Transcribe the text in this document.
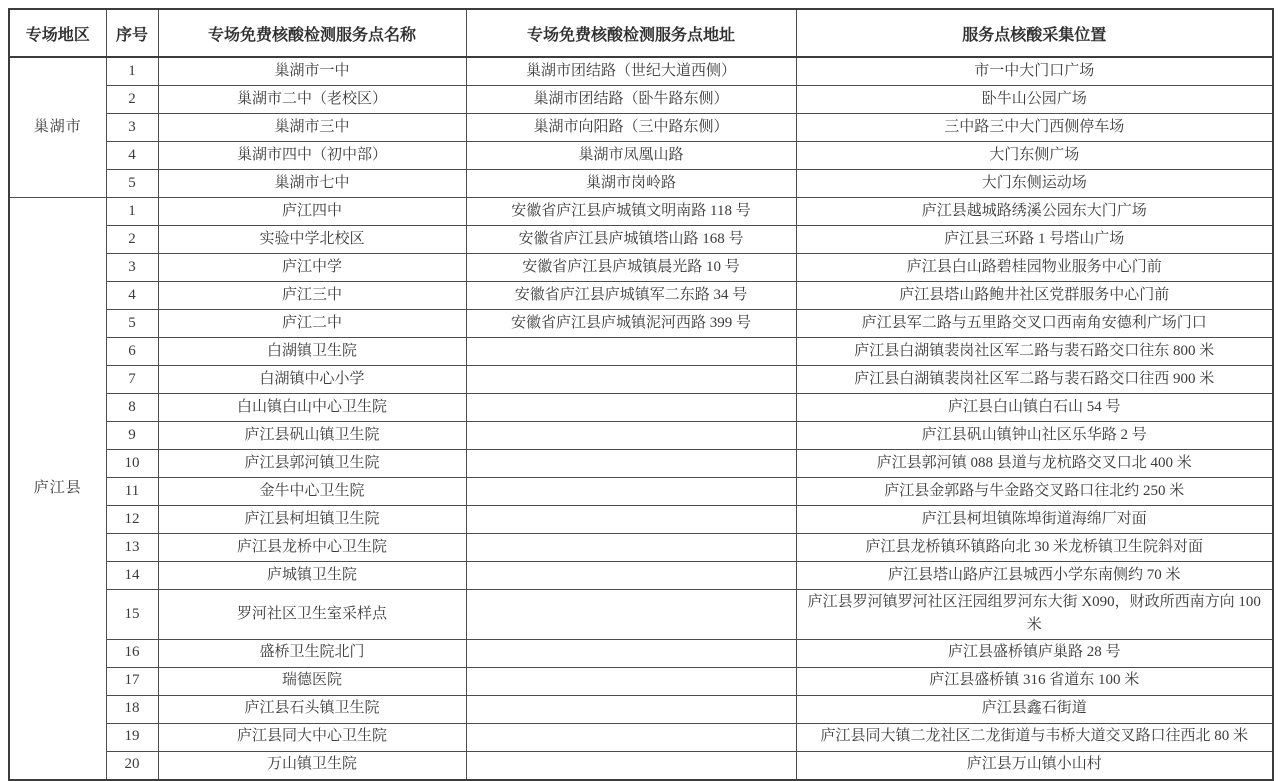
专场地区	序号	专场免费核酸检测服务点名称	专场免费核酸检测服务点地址	服务点核酸采集位置
巢湖市	1	巢湖市一中	巢湖市团结路（世纪大道西侧）	市一中大门口广场
	2	巢湖市二中（老校区）	巢湖市团结路（卧牛路东侧）	卧牛山公园广场
	3	巢湖市三中	巢湖市向阳路（三中路东侧）	三中路三中大门西侧停车场
	4	巢湖市四中（初中部）	巢湖市凤凰山路	大门东侧广场
	5	巢湖市七中	巢湖市岗岭路	大门东侧运动场
庐江县	1	庐江四中	安徽省庐江县庐城镇文明南路 118 号	庐江县越城路绣溪公园东大门广场
	2	实验中学北校区	安徽省庐江县庐城镇塔山路 168 号	庐江县三环路 1 号塔山广场
	3	庐江中学	安徽省庐江县庐城镇晨光路 10 号	庐江县白山路碧桂园物业服务中心门前
	4	庐江三中	安徽省庐江县庐城镇军二东路 34 号	庐江县塔山路鲍井社区党群服务中心门前
	5	庐江二中	安徽省庐江县庐城镇泥河西路 399 号	庐江县军二路与五里路交叉口西南角安德利广场门口
	6	白湖镇卫生院		庐江县白湖镇裴岗社区军二路与裴石路交口往东 800 米
	7	白湖镇中心小学		庐江县白湖镇裴岗社区军二路与裴石路交口往西 900 米
	8	白山镇白山中心卫生院		庐江县白山镇白石山 54 号
	9	庐江县矾山镇卫生院		庐江县矾山镇钟山社区乐华路 2 号
	10	庐江县郭河镇卫生院		庐江县郭河镇 088 县道与龙杭路交叉口北 400 米
	11	金牛中心卫生院		庐江县金郭路与牛金路交叉路口往北约 250 米
	12	庐江县柯坦镇卫生院		庐江县柯坦镇陈埠街道海绵厂对面
	13	庐江县龙桥中心卫生院		庐江县龙桥镇环镇路向北 30 米龙桥镇卫生院斜对面
	14	庐城镇卫生院		庐江县塔山路庐江县城西小学东南侧约 70 米
	15	罗河社区卫生室采样点		庐江县罗河镇罗河社区汪园组罗河东大街 X090，财政所西南方向 100 米
	16	盛桥卫生院北门		庐江县盛桥镇庐巢路 28 号
	17	瑞德医院		庐江县盛桥镇 316 省道东 100 米
	18	庐江县石头镇卫生院		庐江县鑫石街道
	19	庐江县同大中心卫生院		庐江县同大镇二龙社区二龙街道与韦桥大道交叉路口往西北 80 米
	20	万山镇卫生院		庐江县万山镇小山村
